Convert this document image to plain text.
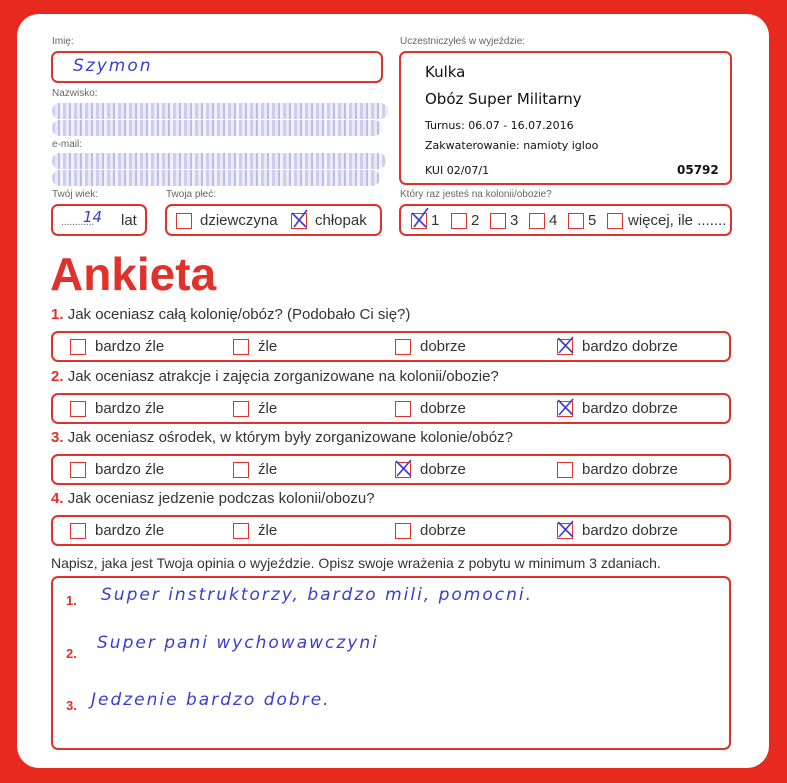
Imię:
Szymon
Nazwisko:
e-mail:
Twój wiek:
............
14 lat
Twoja płeć:
dziewczyna chłopak
Uczestniczyłeś w wyjeździe:
Kulka
Obóz Super Militarny
Turnus: 06.07 - 16.07.2016
Zakwaterowanie: namioty igloo
KUI 02/07/1	05792
Który raz jesteś na kolonii/obozie?
1 2 3 4 5 więcej, ile .......
Ankieta
1. Jak oceniasz całą kolonię/obóz? (Podobało Ci się?)
bardzo źle	źle	dobrze	bardzo dobrze
2. Jak oceniasz atrakcje i zajęcia zorganizowane na kolonii/obozie?
bardzo źle	źle	dobrze	bardzo dobrze
3. Jak oceniasz ośrodek, w którym były zorganizowane kolonie/obóz?
bardzo źle	źle	dobrze	bardzo dobrze
4. Jak oceniasz jedzenie podczas kolonii/obozu?
bardzo źle	źle	dobrze	bardzo dobrze
Napisz, jaka jest Twoja opinia o wyjeździe. Opisz swoje wrażenia z pobytu w minimum 3 zdaniach.
1. Super instruktorzy, bardzo mili, pomocni.
2.
Super pani wychowawczyni
3. Jedzenie bardzo dobre.
